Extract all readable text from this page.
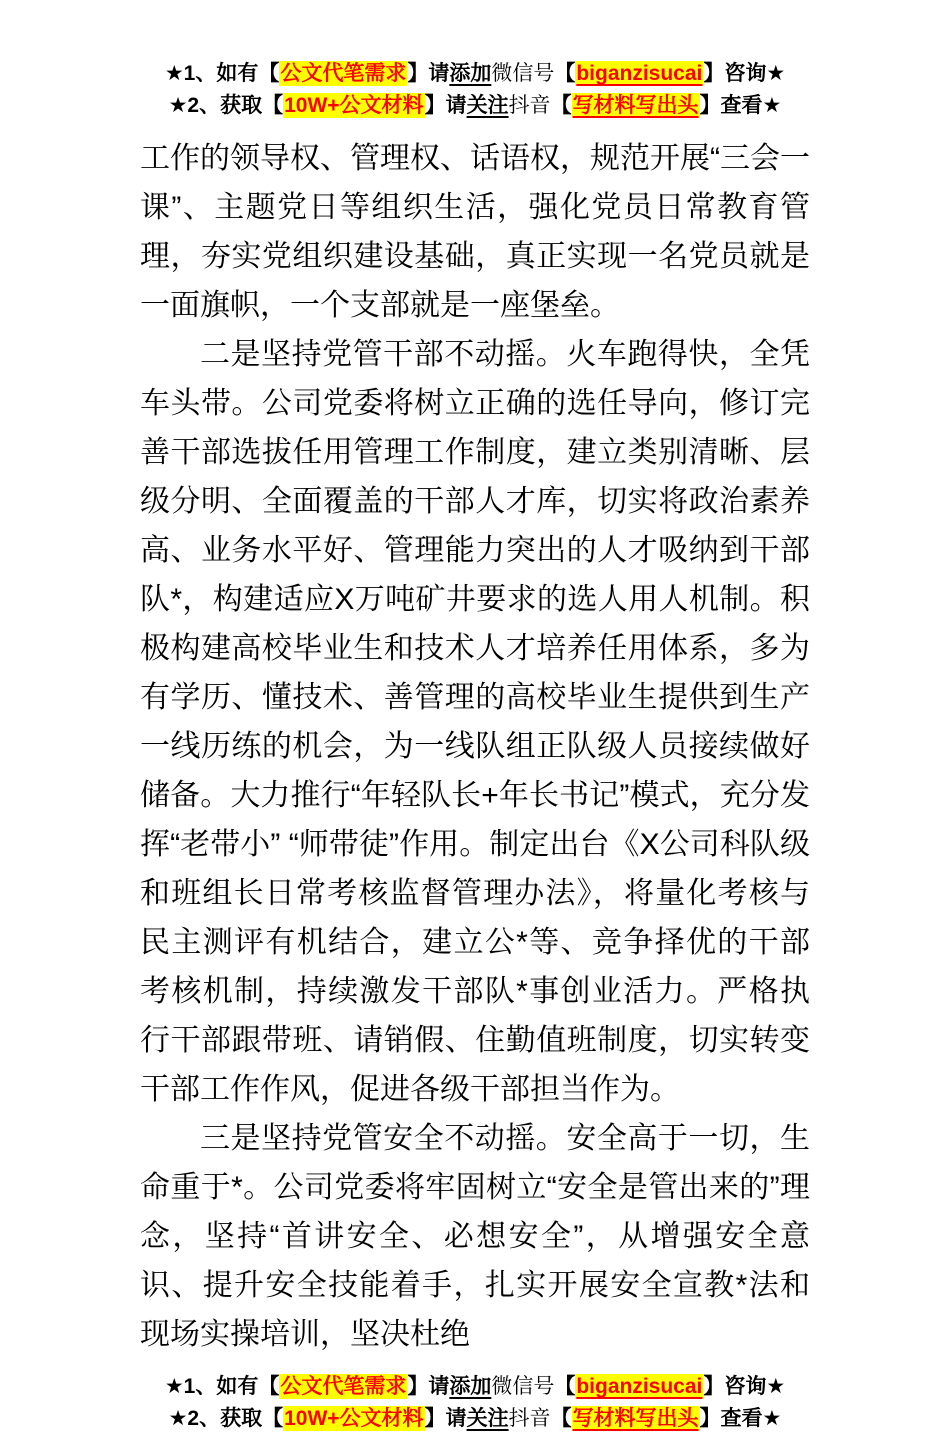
★1、如有【公文代笔需求】请添加微信号【biganzisucai】咨询★
★2、获取【10W+公文材料】请关注抖音【写材料写出头】查看★

工作的领导权、管理权、话语权，规范开展“三会一课”、主题党日等组织生活，强化党员日常教育管理，夯实党组织建设基础，真正实现一名党员就是一面旗帜，一个支部就是一座堡垒。

二是坚持党管干部不动摇。火车跑得快，全凭车头带。公司党委将树立正确的选任导向，修订完善干部选拔任用管理工作制度，建立类别清晰、层级分明、全面覆盖的干部人才库，切实将政治素养高、业务水平好、管理能力突出的人才吸纳到干部队*，构建适应X万吨矿井要求的选人用人机制。积极构建高校毕业生和技术人才培养任用体系，多为有学历、懂技术、善管理的高校毕业生提供到生产一线历练的机会，为一线队组正队级人员接续做好储备。大力推行“年轻队长+年长书记”模式，充分发挥“老带小” “师带徒”作用。制定出台《X公司科队级和班组长日常考核监督管理办法》，将量化考核与民主测评有机结合，建立公*等、竞争择优的干部考核机制，持续激发干部队*事创业活力。严格执行干部跟带班、请销假、住勤值班制度，切实转变干部工作作风，促进各级干部担当作为。

三是坚持党管安全不动摇。安全高于一切，生命重于*。公司党委将牢固树立“安全是管出来的”理念，坚持“首讲安全、必想安全”，从增强安全意识、提升安全技能着手，扎实开展安全宣教*法和现场实操培训，坚决杜绝

★1、如有【公文代笔需求】请添加微信号【biganzisucai】咨询★
★2、获取【10W+公文材料】请关注抖音【写材料写出头】查看★
